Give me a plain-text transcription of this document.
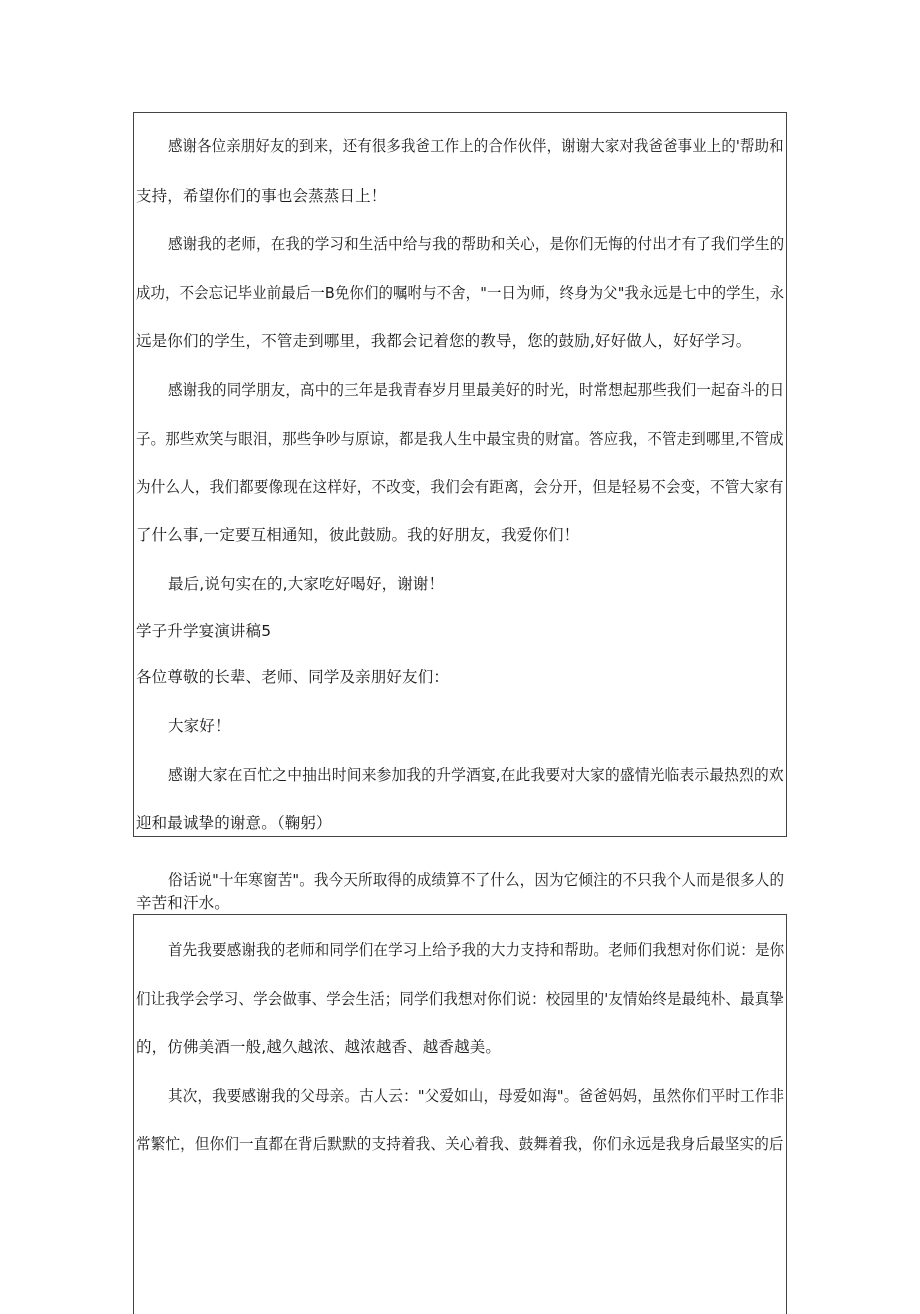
感谢各位亲朋好友的到来，还有很多我爸工作上的合作伙伴，谢谢大家对我爸爸事业上的'帮助和
支持，希望你们的事也会蒸蒸日上！
感谢我的老师，在我的学习和生活中给与我的帮助和关心，是你们无悔的付出才有了我们学生的
成功，不会忘记毕业前最后一B免你们的嘱咐与不舍，"一日为师，终身为父"我永远是七中的学生，永
远是你们的学生，不管走到哪里，我都会记着您的教导，您的鼓励,好好做人，好好学习。
感谢我的同学朋友，高中的三年是我青春岁月里最美好的时光，时常想起那些我们一起奋斗的日
子。那些欢笑与眼泪，那些争吵与原谅，都是我人生中最宝贵的财富。答应我，不管走到哪里,不管成
为什么人，我们都要像现在这样好，不改变，我们会有距离，会分开，但是轻易不会变，不管大家有
了什么事,一定要互相通知，彼此鼓励。我的好朋友，我爱你们！
最后,说句实在的,大家吃好喝好，谢谢！
学子升学宴演讲稿5
各位尊敬的长辈、老师、同学及亲朋好友们：
大家好！
感谢大家在百忙之中抽出时间来参加我的升学酒宴,在此我要对大家的盛情光临表示最热烈的欢
迎和最诚挚的谢意。（鞠躬）
俗话说"十年寒窗苦"。我今天所取得的成绩算不了什么，因为它倾注的不只我个人而是很多人的
辛苦和汗水。
首先我要感谢我的老师和同学们在学习上给予我的大力支持和帮助。老师们我想对你们说：是你
们让我学会学习、学会做事、学会生活；同学们我想对你们说：校园里的'友情始终是最纯朴、最真挚
的，仿佛美酒一般,越久越浓、越浓越香、越香越美。
其次，我要感谢我的父母亲。古人云："父爱如山，母爱如海"。爸爸妈妈，虽然你们平时工作非
常繁忙，但你们一直都在背后默默的支持着我、关心着我、鼓舞着我，你们永远是我身后最坚实的后
